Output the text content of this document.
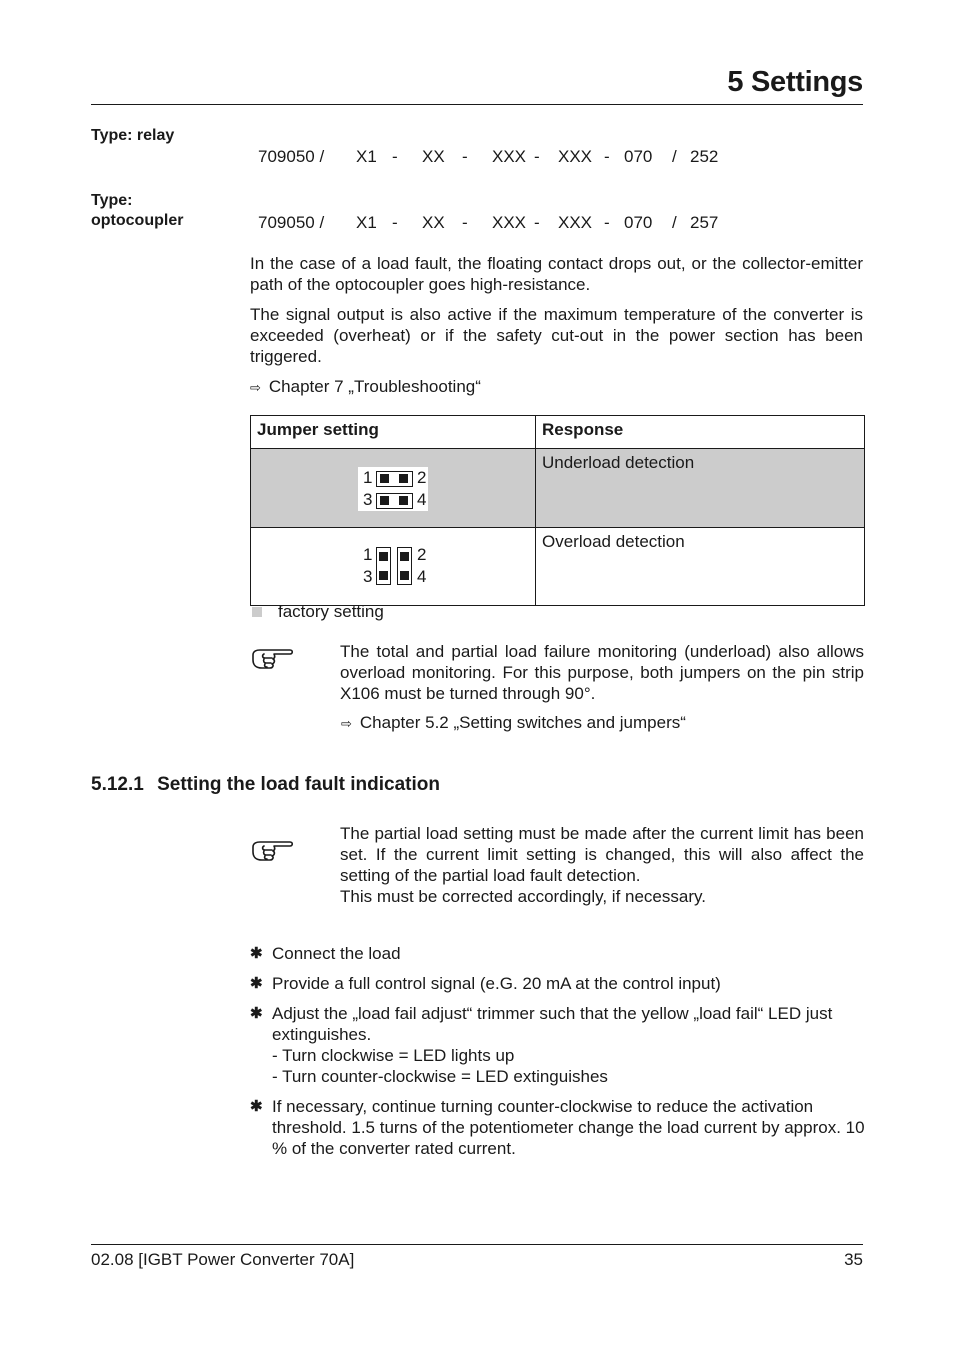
5 Settings
Type: relay
709050 /	X1 -	XX	-	XXX -	XXX - 070	/ 252
Type:
optocoupler	709050 /	X1 -	XX	-	XXX -	XXX - 070	/ 257

In the case of a load fault, the floating contact drops out, or the collector-emitter path of the optocoupler goes high-resistance.

The signal output is also active if the maximum temperature of the converter is exceeded (overheat) or if the safety cut-out in the power section has been triggered.

⇨ Chapter 7 „Troubleshooting“
Jumper setting	Response

1 2
3 4	Underload detection

1 2
3 4	Overload detection
factory setting

The total and partial load failure monitoring (underload) also allows overload monitoring. For this purpose, both jumpers on the pin strip X106 must be turned through 90°.

⇨ Chapter 5.2 „Setting switches and jumpers“
5.12.1 Setting the load fault indication
The partial load setting must be made after the current limit has been set. If the current limit setting is changed, this will also affect the setting of the partial load fault detection.
This must be corrected accordingly, if necessary.
✱ Connect the load
✱ Provide a full control signal (e.G. 20 mA at the control input)
✱ Adjust the „load fail adjust“ trimmer such that the yellow „load fail“ LED just extinguishes.
- Turn clockwise = LED lights up
- Turn counter-clockwise = LED extinguishes
✱ If necessary, continue turning counter-clockwise to reduce the activation threshold. 1.5 turns of the potentiometer change the load current by approx. 10 % of the converter rated current.
02.08 [IGBT Power Converter 70A]	35
